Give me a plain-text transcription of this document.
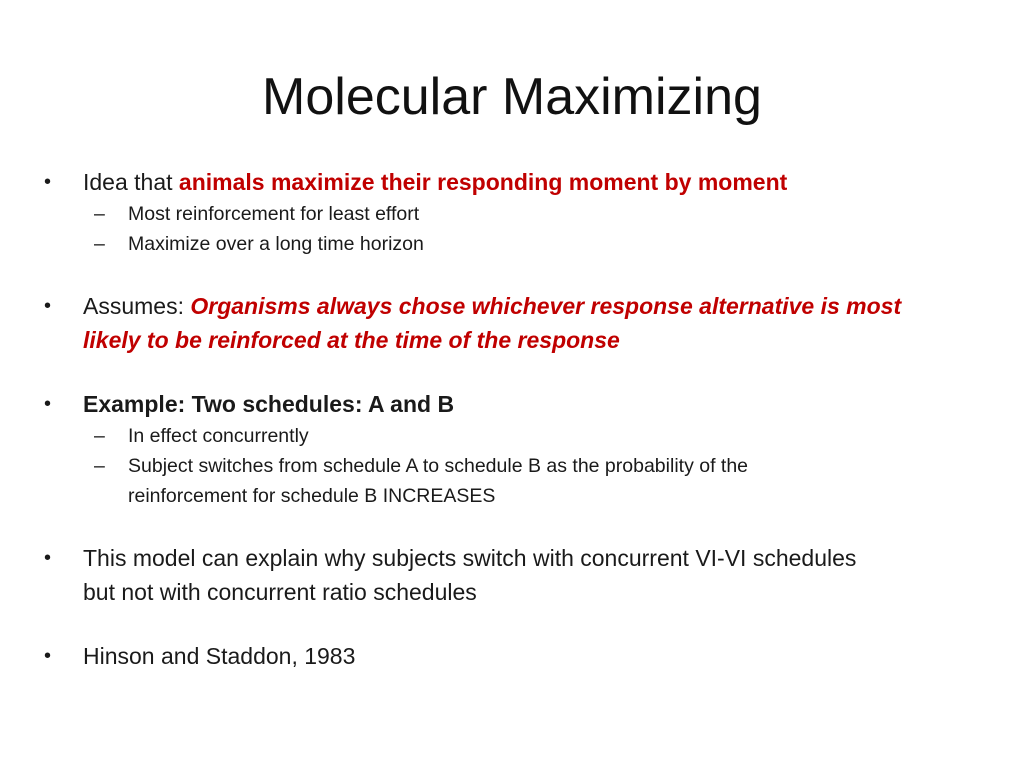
Molecular Maximizing
•	Idea that animals maximize their responding moment by moment
– Most reinforcement for least effort
– Maximize over a long time horizon
•	Assumes: Organisms always chose whichever response alternative is most
likely to be reinforced at the time of the response
•	Example: Two schedules: A and B
– In effect concurrently
– Subject switches from schedule A to schedule B as the probability of the
reinforcement for schedule B INCREASES
•	This model can explain why subjects switch with concurrent VI-VI schedules
but not with concurrent ratio schedules
•	Hinson and Staddon, 1983
